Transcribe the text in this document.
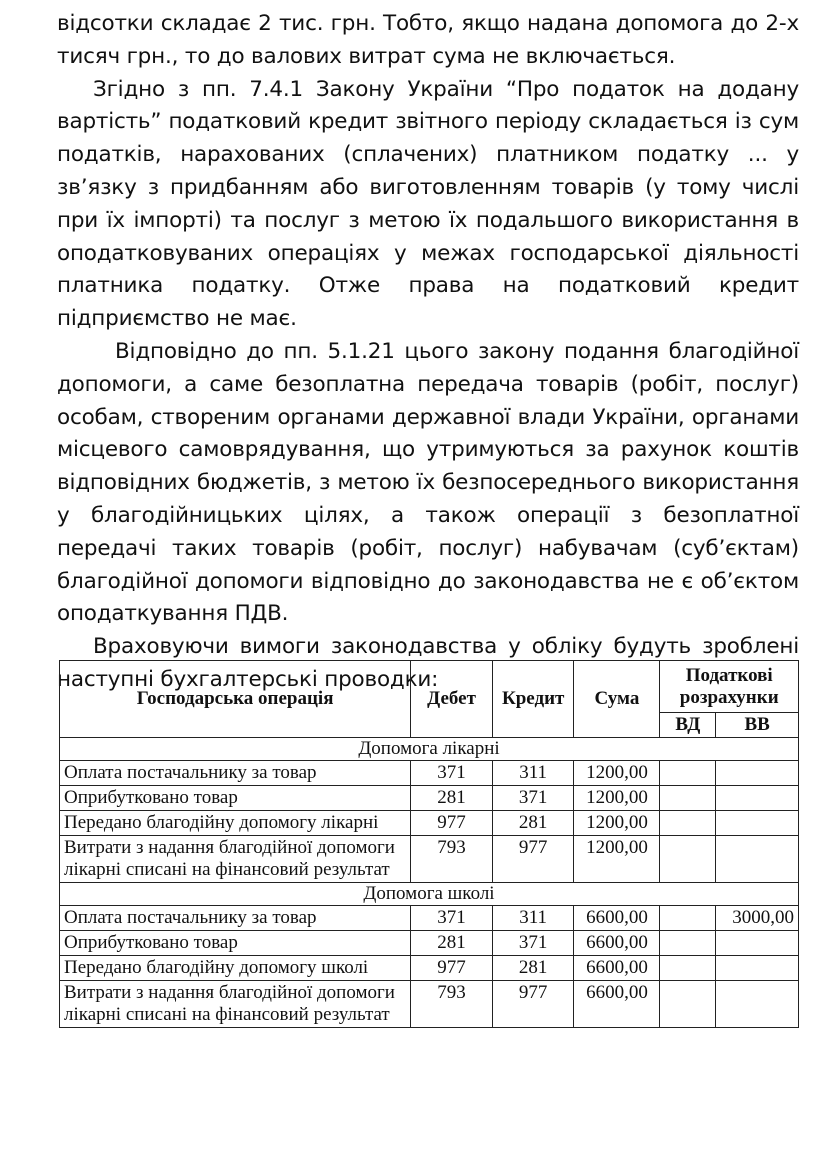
відсотки складає 2 тис. грн. Тобто, якщо надана допомога до 2-х тисяч грн., то до валових витрат сума не включається.

Згідно з пп. 7.4.1 Закону України “Про податок на додану вартість” податковий кредит звітного періоду складається із сум податків, нарахованих (сплачених) платником податку ... у зв’язку з придбанням або виготовленням товарів (у тому числі при їх імпорті) та послуг з метою їх подальшого використання в оподатковуваних операціях у межах господарської діяльності платника податку. Отже права на податковий кредит підприємство не має.

Відповідно до пп. 5.1.21 цього закону подання благодійної допомоги, а саме безоплатна передача товарів (робіт, послуг) особам, створеним органами державної влади України, органами місцевого самоврядування, що утримуються за рахунок коштів відповідних бюджетів, з метою їх безпосереднього використання у благодійницьких цілях, а також операції з безоплатної передачі таких товарів (робіт, послуг) набувачам (суб’єктам) благодійної допомоги відповідно до законодавства не є об’єктом оподаткування ПДВ.

Враховуючи вимоги законодавства у обліку будуть зроблені наступні бухгалтерські проводки:

Господарська операція	Дебет	Кредит	Сума	Податкові розрахунки	
				ВД	ВВ
Допомога лікарні					
Оплата постачальнику за товар	371	311	1200,00		
Оприбутковано товар	281	371	1200,00		
Передано благодійну допомогу лікарні	977	281	1200,00		
Витрати з надання благодійної допомоги лікарні списані на фінансовий результат	793	977	1200,00		
Допомога школі					
Оплата постачальнику за товар	371	311	6600,00		3000,00
Оприбутковано товар	281	371	6600,00		
Передано благодійну допомогу школі	977	281	6600,00		
Витрати з надання благодійної допомоги лікарні списані на фінансовий результат	793	977	6600,00		
